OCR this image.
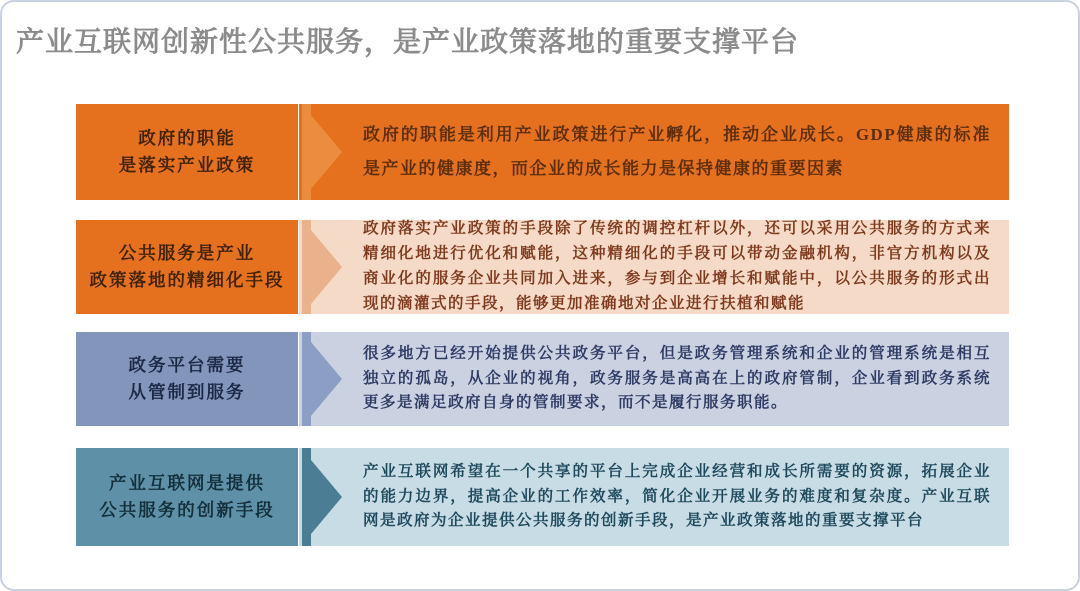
产业互联网创新性公共服务，是产业政策落地的重要支撑平台
政府的职能
是落实产业政策

政府的职能是利用产业政策进行产业孵化，推动企业成长。GDP健康的标准是产业的健康度，而企业的成长能力是保持健康的重要因素

公共服务是产业
政策落地的精细化手段

政府落实产业政策的手段除了传统的调控杠杆以外，还可以采用公共服务的方式来精细化地进行优化和赋能，这种精细化的手段可以带动金融机构，非官方机构以及商业化的服务企业共同加入进来，参与到企业增长和赋能中，以公共服务的形式出现的滴灌式的手段，能够更加准确地对企业进行扶植和赋能

政务平台需要
从管制到服务

很多地方已经开始提供公共政务平台，但是政务管理系统和企业的管理系统是相互独立的孤岛，从企业的视角，政务服务是高高在上的政府管制，企业看到政务系统更多是满足政府自身的管制要求，而不是履行服务职能。

产业互联网是提供
公共服务的创新手段

产业互联网希望在一个共享的平台上完成企业经营和成长所需要的资源，拓展企业的能力边界，提高企业的工作效率，简化企业开展业务的难度和复杂度。产业互联网是政府为企业提供公共服务的创新手段，是产业政策落地的重要支撑平台
